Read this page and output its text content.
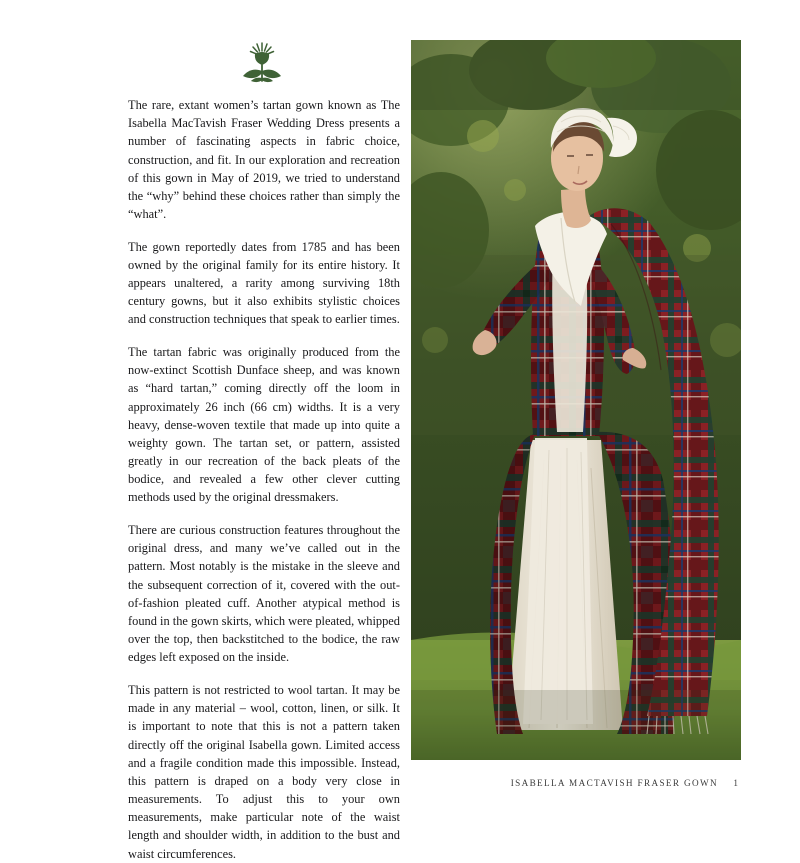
The rare, extant women’s tartan gown known as The Isabella MacTavish Fraser Wedding Dress presents a number of fascinating aspects in fabric choice, construction, and fit. In our exploration and recreation of this gown in May of 2019, we tried to understand the “why” behind these choices rather than simply the “what”.

The gown reportedly dates from 1785 and has been owned by the original family for its entire history. It appears unaltered, a rarity among surviving 18th century gowns, but it also exhibits stylistic choices and construction techniques that speak to earlier times.

The tartan fabric was originally produced from the now-extinct Scottish Dunface sheep, and was known as “hard tartan,” coming directly off the loom in approximately 26 inch (66 cm) widths. It is a very heavy, dense-woven textile that made up into quite a weighty gown. The tartan set, or pattern, assisted greatly in our recreation of the back pleats of the bodice, and revealed a few other clever cutting methods used by the original dressmakers.

There are curious construction features throughout the original dress, and many we’ve called out in the pattern. Most notably is the mistake in the sleeve and the subsequent correction of it, covered with the out-of-fashion pleated cuff. Another atypical method is found in the gown skirts, which were pleated, whipped over the top, then backstitched to the bodice, the raw edges left exposed on the inside.

This pattern is not restricted to wool tartan. It may be made in any material – wool, cotton, linen, or silk. It is important to note that this is not a pattern taken directly off the original Isabella gown. Limited access and a fragile condition made this impossible. Instead, this pattern is draped on a body very close in measurements. To adjust this to your own measurements, make particular note of the waist length and shoulder width, in addition to the bust and waist circumferences.

ISABELLA MACTAVISH FRASER GOWN 1
